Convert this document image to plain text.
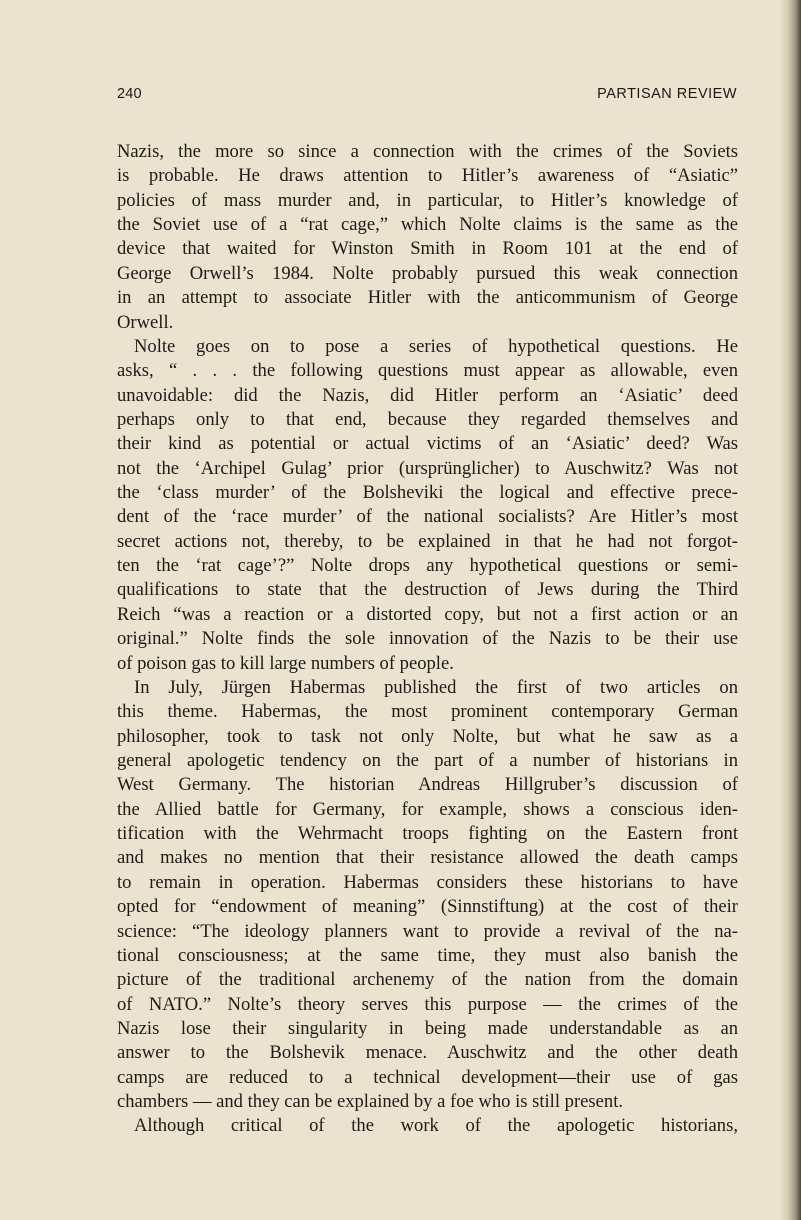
240	PARTISAN REVIEW

Nazis, the more so since a connection with the crimes of the Soviets

is probable. He draws attention to Hitler’s awareness of “Asiatic”

policies of mass murder and, in particular, to Hitler’s knowledge of

the Soviet use of a “rat cage,” which Nolte claims is the same as the

device that waited for Winston Smith in Room 101 at the end of

George Orwell’s 1984. Nolte probably pursued this weak connection

in an attempt to associate Hitler with the anticommunism of George

Orwell.

Nolte goes on to pose a series of hypothetical questions. He

asks, “ . . . the following questions must appear as allowable, even

unavoidable: did the Nazis, did Hitler perform an ‘Asiatic’ deed

perhaps only to that end, because they regarded themselves and

their kind as potential or actual victims of an ‘Asiatic’ deed? Was

not the ‘Archipel Gulag’ prior (ursprünglicher) to Auschwitz? Was not

the ‘class murder’ of the Bolsheviki the logical and effective prece-

dent of the ‘race murder’ of the national socialists? Are Hitler’s most

secret actions not, thereby, to be explained in that he had not forgot-

ten the ‘rat cage’?” Nolte drops any hypothetical questions or semi-

qualifications to state that the destruction of Jews during the Third

Reich “was a reaction or a distorted copy, but not a first action or an

original.” Nolte finds the sole innovation of the Nazis to be their use

of poison gas to kill large numbers of people.

In July, Jürgen Habermas published the first of two articles on

this theme. Habermas, the most prominent contemporary German

philosopher, took to task not only Nolte, but what he saw as a

general apologetic tendency on the part of a number of historians in

West Germany. The historian Andreas Hillgruber’s discussion of

the Allied battle for Germany, for example, shows a conscious iden-

tification with the Wehrmacht troops fighting on the Eastern front

and makes no mention that their resistance allowed the death camps

to remain in operation. Habermas considers these historians to have

opted for “endowment of meaning” (Sinnstiftung) at the cost of their

science: “The ideology planners want to provide a revival of the na-

tional consciousness; at the same time, they must also banish the

picture of the traditional archenemy of the nation from the domain

of NATO.” Nolte’s theory serves this purpose — the crimes of the

Nazis lose their singularity in being made understandable as an

answer to the Bolshevik menace. Auschwitz and the other death

camps are reduced to a technical development—their use of gas

chambers — and they can be explained by a foe who is still present.

Although critical of the work of the apologetic historians,
